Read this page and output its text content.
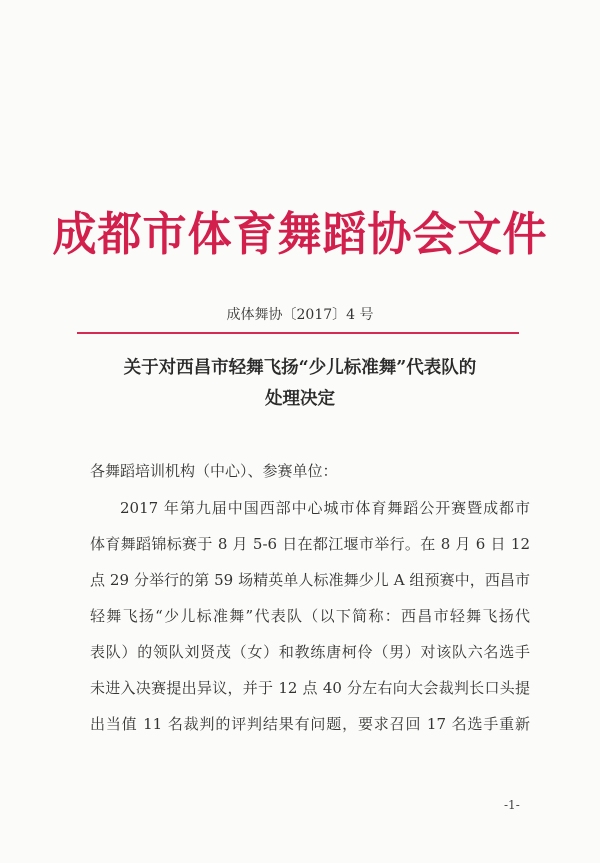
成都市体育舞蹈协会文件
成体舞协〔2017〕4 号
关于对西昌市轻舞飞扬“少儿标准舞”代表队的
处理决定
各舞蹈培训机构（中心）、参赛单位：
2017 年第九届中国西部中心城市体育舞蹈公开赛暨成都市
体育舞蹈锦标赛于 8 月 5-6 日在都江堰市举行。在 8 月 6 日 12
点 29 分举行的第 59 场精英单人标准舞少儿 A 组预赛中，西昌市
轻舞飞扬“少儿标准舞”代表队（以下简称：西昌市轻舞飞扬代
表队）的领队刘贤茂（女）和教练唐柯伶（男）对该队六名选手
未进入决赛提出异议，并于 12 点 40 分左右向大会裁判长口头提
出当值 11 名裁判的评判结果有问题，要求召回 17 名选手重新
-1-
